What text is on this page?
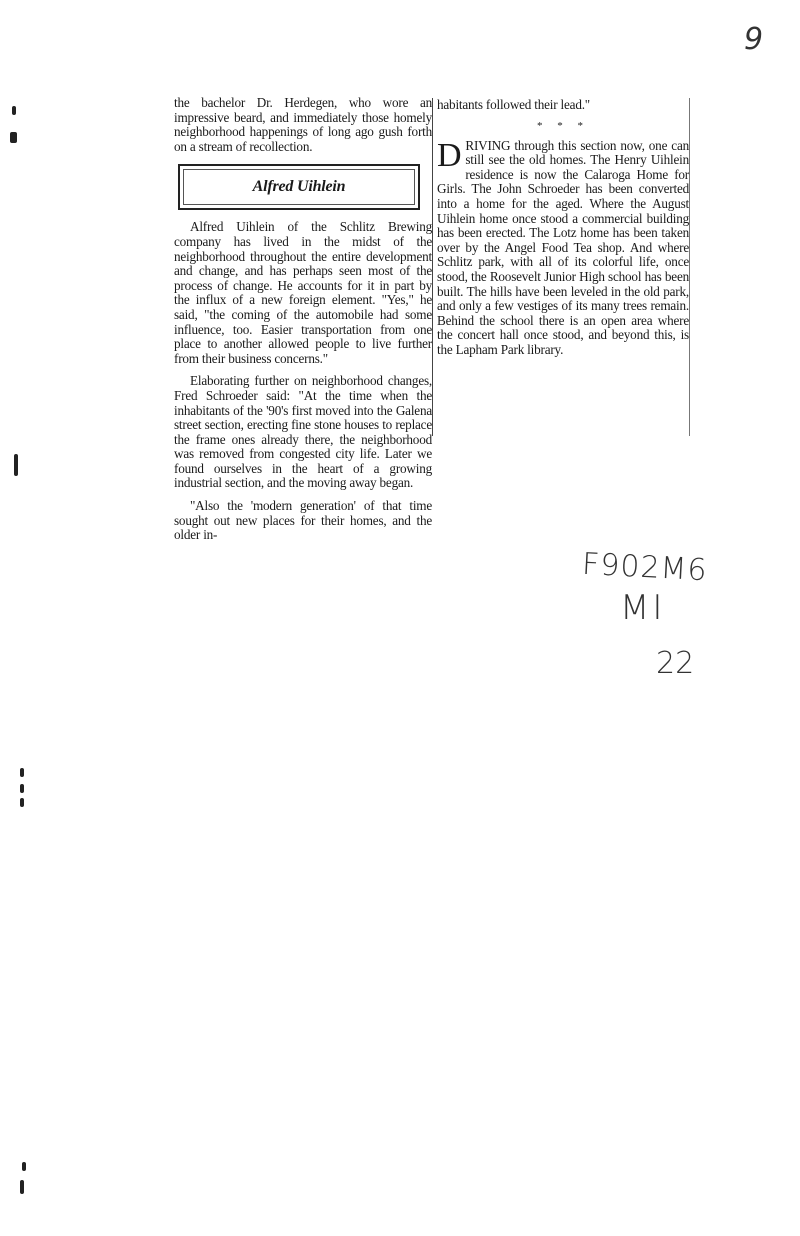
9

the bachelor Dr. Herdegen, who wore an impressive beard, and immediately those homely neighborhood happenings of long ago gush forth on a stream of recollection.

Alfred Uihlein

Alfred Uihlein of the Schlitz Brewing company has lived in the midst of the neighborhood throughout the entire development and change, and has perhaps seen most of the process of change. He accounts for it in part by the influx of a new foreign element. "Yes," he said, "the coming of the automobile had some influence, too. Easier transportation from one place to another allowed people to live further from their business concerns."

Elaborating further on neighborhood changes, Fred Schroeder said: "At the time when the inhabitants of the '90's first moved into the Galena street section, erecting fine stone houses to replace the frame ones already there, the neighborhood was removed from congested city life. Later we found ourselves in the heart of a growing industrial section, and the moving away began.

"Also the 'modern generation' of that time sought out new places for their homes, and the older in-

habitants followed their lead."

* * *

DRIVING through this section now, one can still see the old homes. The Henry Uihlein residence is now the Calaroga Home for Girls. The John Schroeder has been converted into a home for the aged. Where the August Uihlein home once stood a commercial building has been erected. The Lotz home has been taken over by the Angel Food Tea shop. And where Schlitz park, with all of its colorful life, once stood, the Roosevelt Junior High school has been built. The hills have been leveled in the old park, and only a few vestiges of its many trees remain. Behind the school there is an open area where the concert hall once stood, and beyond this, is the Lapham Park library.

F902M6
MI
22
